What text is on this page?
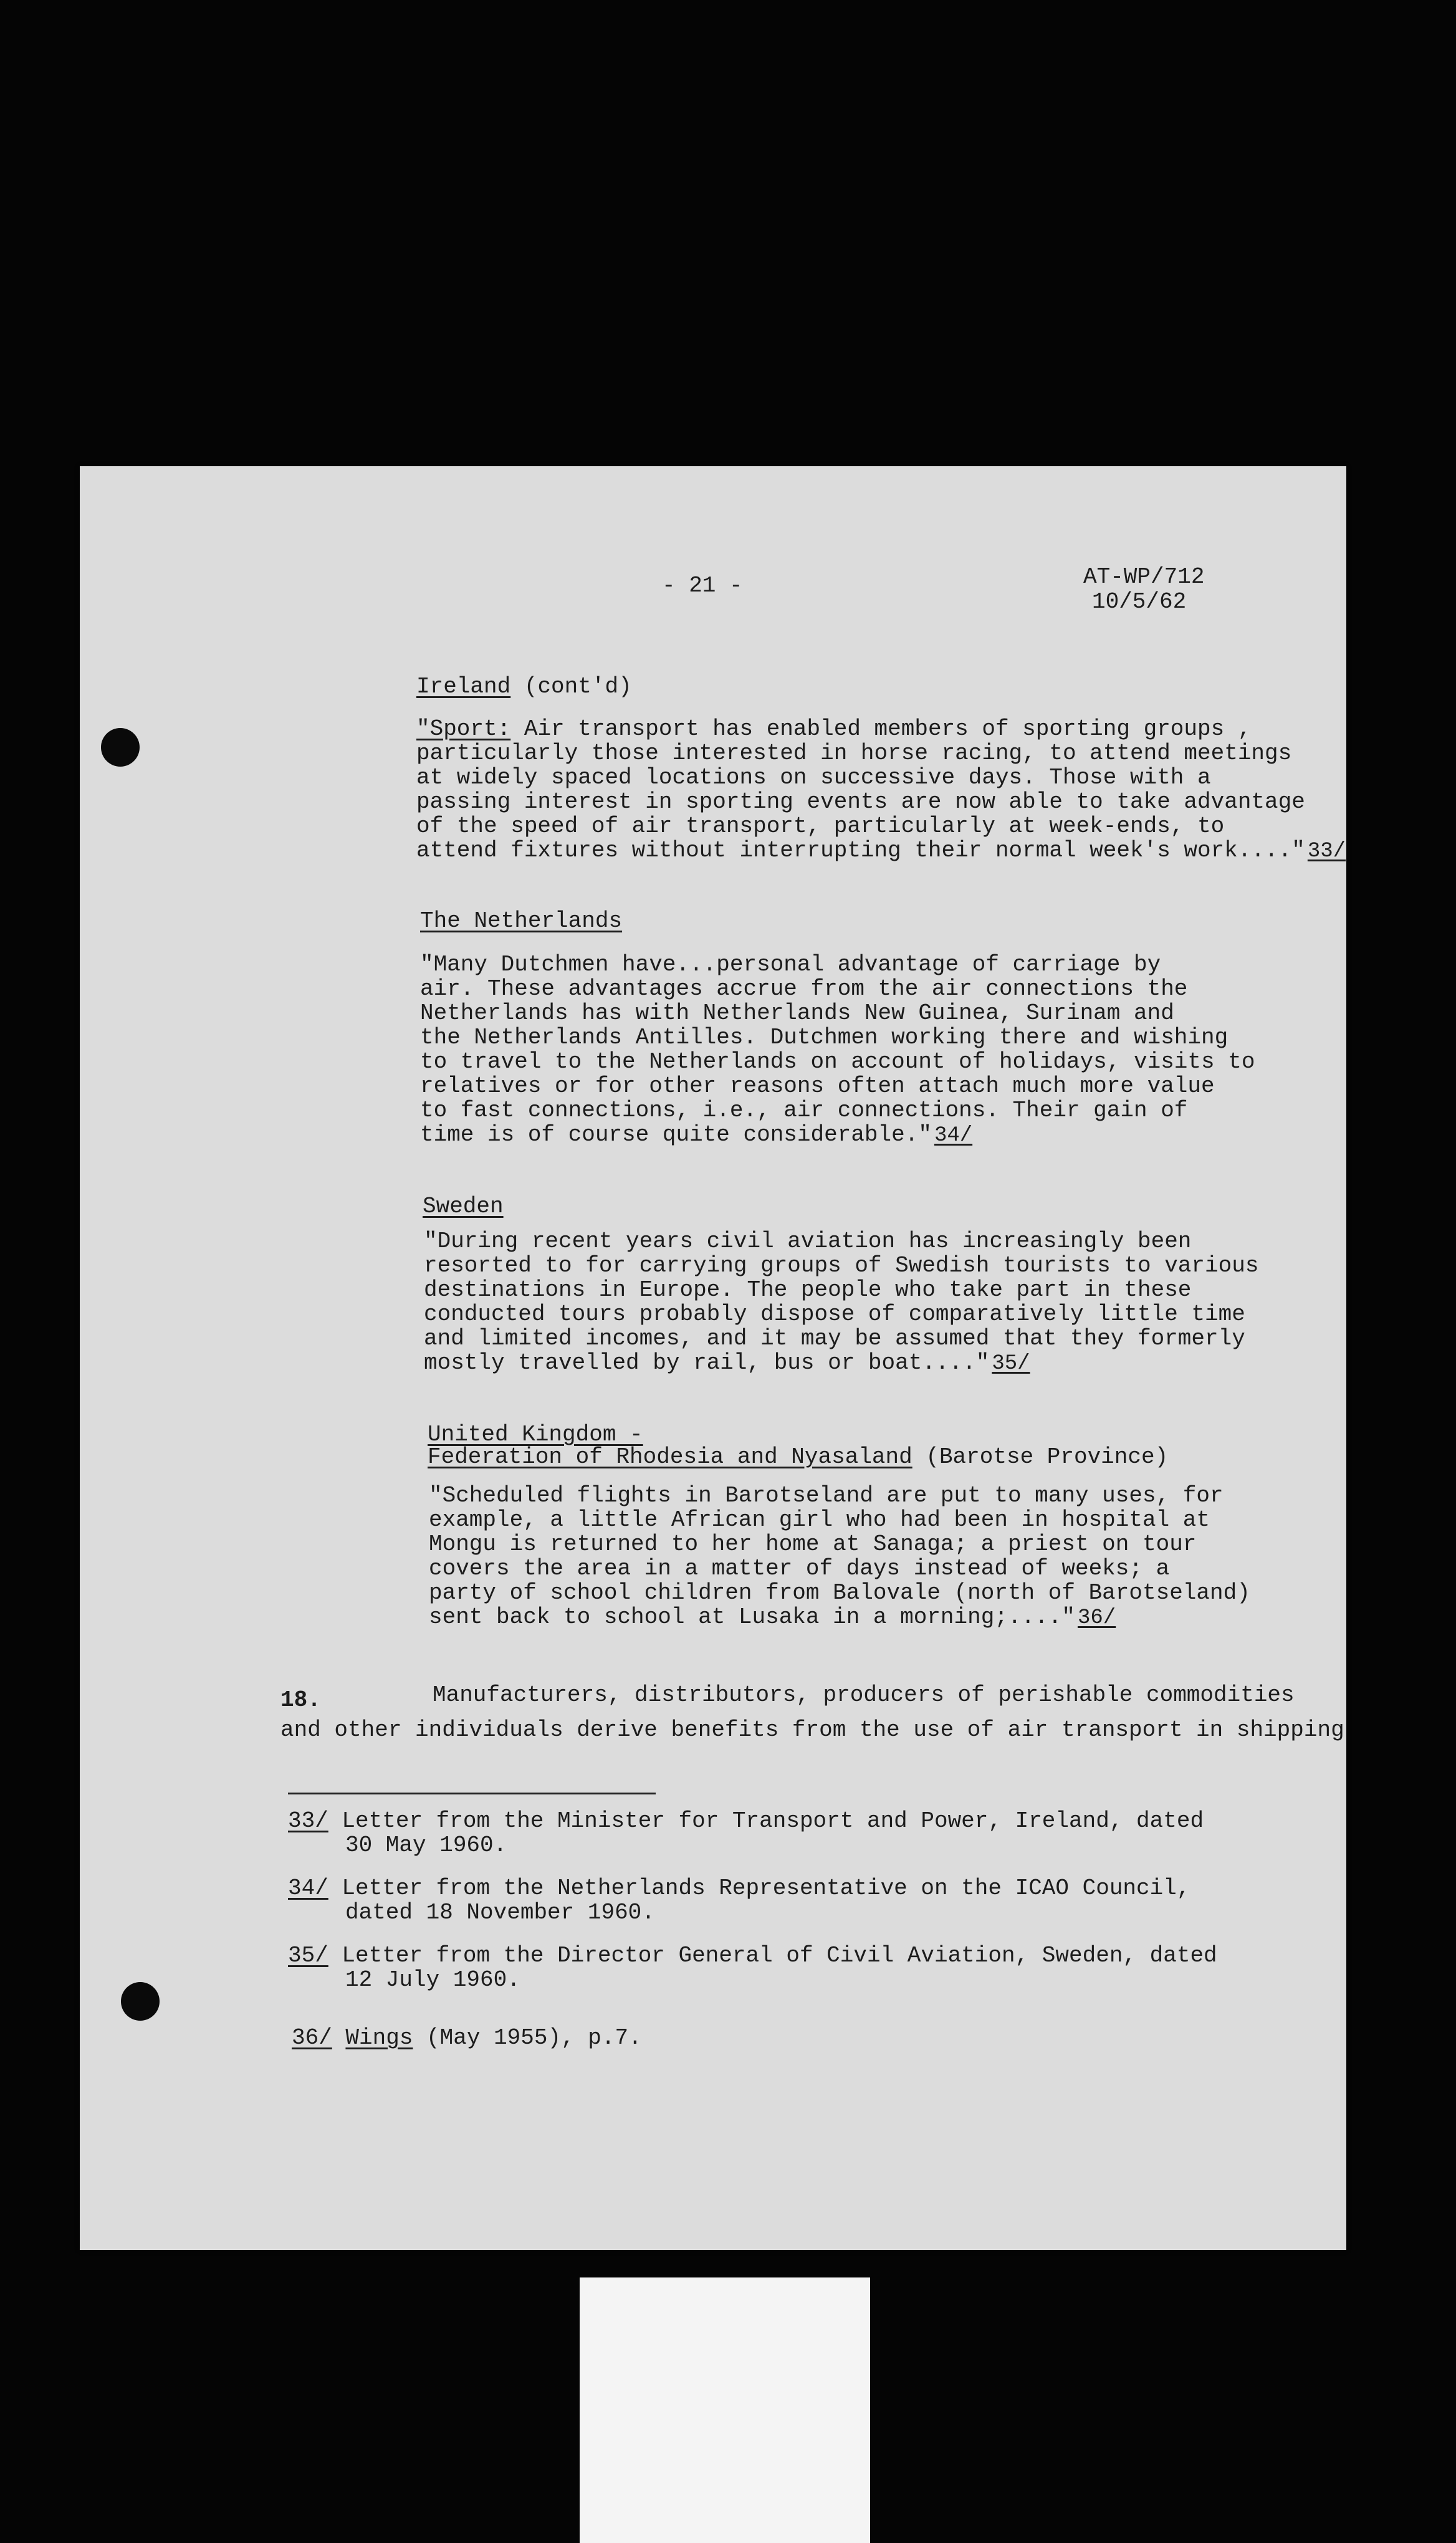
- 21 -	AT-WP/712
10/5/62
Ireland (cont'd)
"Sport: Air transport has enabled members of sporting groups ,
particularly those interested in horse racing, to attend meetings
at widely spaced locations on successive days. Those with a
passing interest in sporting events are now able to take advantage
of the speed of air transport, particularly at week-ends, to
attend fixtures without interrupting their normal week's work...." 33/
The Netherlands
"Many Dutchmen have...personal advantage of carriage by
air. These advantages accrue from the air connections the
Netherlands has with Netherlands New Guinea, Surinam and
the Netherlands Antilles. Dutchmen working there and wishing
to travel to the Netherlands on account of holidays, visits to
relatives or for other reasons often attach much more value
to fast connections, i.e., air connections. Their gain of
time is of course quite considerable." 34/
Sweden
"During recent years civil aviation has increasingly been
resorted to for carrying groups of Swedish tourists to various
destinations in Europe. The people who take part in these
conducted tours probably dispose of comparatively little time
and limited incomes, and it may be assumed that they formerly
mostly travelled by rail, bus or boat...." 35/
United Kingdom -
Federation of Rhodesia and Nyasaland (Barotse Province)
"Scheduled flights in Barotseland are put to many uses, for
example, a little African girl who had been in hospital at
Mongu is returned to her home at Sanaga; a priest on tour
covers the area in a matter of days instead of weeks; a
party of school children from Balovale (north of Barotseland)
sent back to school at Lusaka in a morning;...." 36/
18.	Manufacturers, distributors, producers of perishable commodities
and other individuals derive benefits from the use of air transport in shipping
33/ Letter from the Minister for Transport and Power, Ireland, dated
30 May 1960.
34/ Letter from the Netherlands Representative on the ICAO Council,
dated 18 November 1960.
35/ Letter from the Director General of Civil Aviation, Sweden, dated
12 July 1960.
36/ Wings (May 1955), p.7.
